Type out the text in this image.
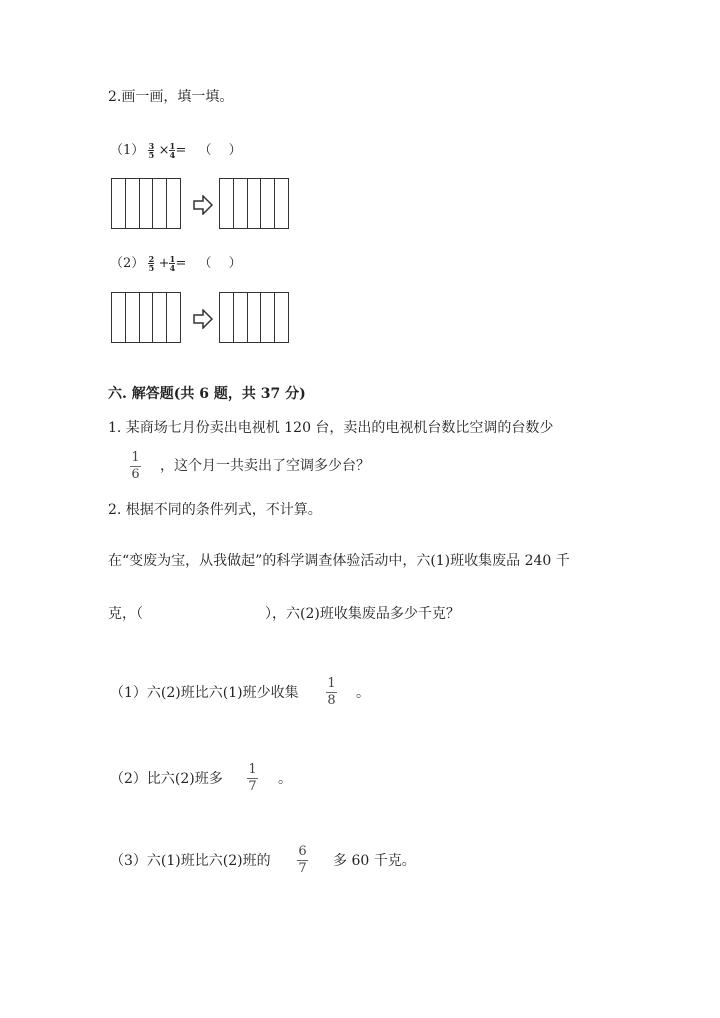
2.画一画，填一填。
$(1) \frac{3}{5} \times \frac{1}{4}$ = （　 ）
$(2) \frac{2}{5} + \frac{1}{4}$ = （　 ）
六. 解答题(共 6 题，共 37 分)
1. 某商场七月份卖出电视机 120 台，卖出的电视机台数比空调的台数少
1
6
，这个月一共卖出了空调多少台？
2. 根据不同的条件列式，不计算。
在“变废为宝，从我做起”的科学调查体验活动中，六(1)班收集废品 240 千
克，（	），六(2)班收集废品多少千克？
（1）六(2)班比六(1)班少收集
1
8 。
（2）比六(2)班多
1
7 。
（3）六(1)班比六(2)班的
6
7 多 60 千克。
